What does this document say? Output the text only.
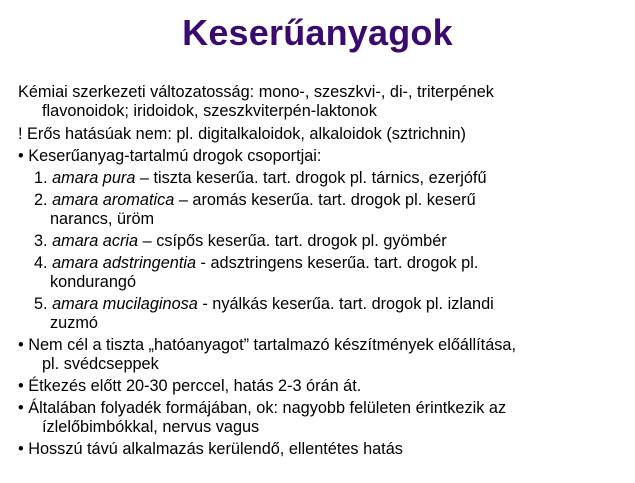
Keserűanyagok

Kémiai szerkezeti változatosság: mono-, szeszkvi-, di-, triterpének
flavonoidok; iridoidok, szeszkviterpén-laktonok

! Erős hatásúak nem: pl. digitalkaloidok, alkaloidok (sztrichnin)

• Keserűanyag-tartalmú drogok csoportjai:

1. amara pura – tiszta keserűa. tart. drogok pl. tárnics, ezerjófű

2. amara aromatica – aromás keserűa. tart. drogok pl. keserű
narancs, üröm

3. amara acria – csípős keserűa. tart. drogok pl. gyömbér

4. amara adstringentia - adsztringens keserűa. tart. drogok pl.
kondurangó

5. amara mucilaginosa - nyálkás keserűa. tart. drogok pl. izlandi
zuzmó

• Nem cél a tiszta „hatóanyagot” tartalmazó készítmények előállítása,
pl. svédcseppek

• Étkezés előtt 20-30 perccel, hatás 2-3 órán át.

• Általában folyadék formájában, ok: nagyobb felületen érintkezik az
ízlelőbimbókkal, nervus vagus

• Hosszú távú alkalmazás kerülendő, ellentétes hatás
